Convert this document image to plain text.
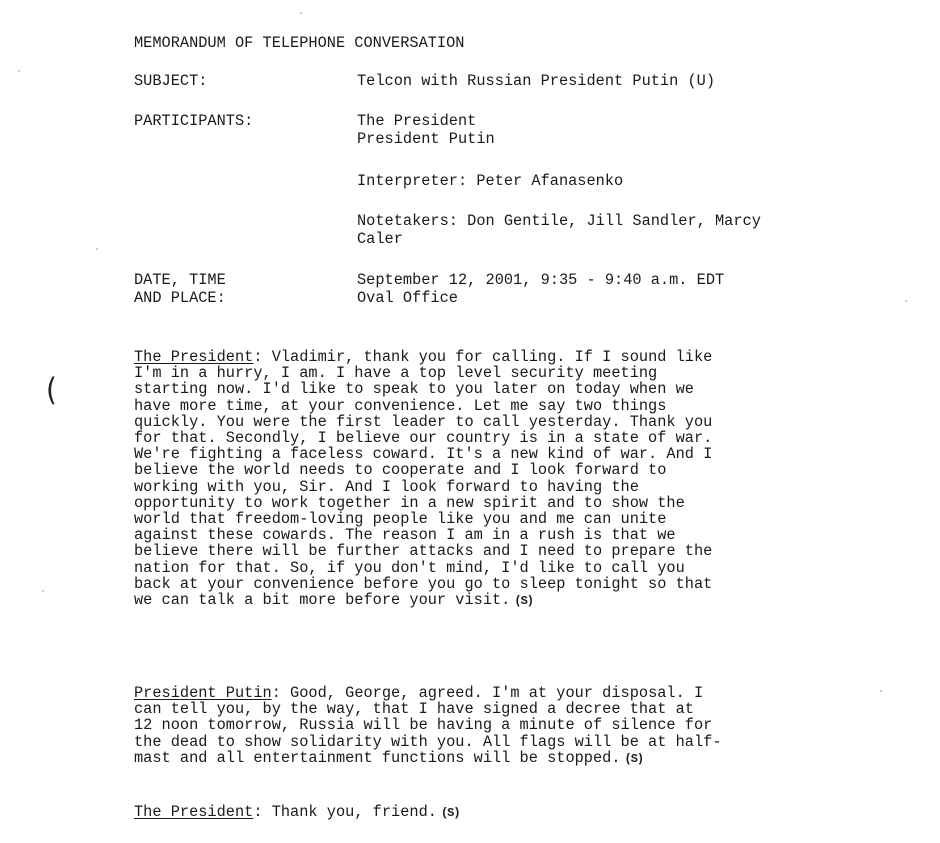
MEMORANDUM OF TELEPHONE CONVERSATION
SUBJECT:	Telcon with Russian President Putin (U)
PARTICIPANTS:	The President
President Putin
Interpreter: Peter Afanasenko
Notetakers: Don Gentile, Jill Sandler, Marcy
Caler
DATE, TIME
AND PLACE:
September 12, 2001, 9:35 - 9:40 a.m. EDT
Oval Office
(
The President: Vladimir, thank you for calling. If I sound like
I'm in a hurry, I am. I have a top level security meeting
starting now. I'd like to speak to you later on today when we
have more time, at your convenience. Let me say two things
quickly. You were the first leader to call yesterday. Thank you
for that. Secondly, I believe our country is in a state of war.
We're fighting a faceless coward. It's a new kind of war. And I
believe the world needs to cooperate and I look forward to
working with you, Sir. And I look forward to having the
opportunity to work together in a new spirit and to show the
world that freedom-loving people like you and me can unite
against these cowards. The reason I am in a rush is that we
believe there will be further attacks and I need to prepare the
nation for that. So, if you don't mind, I'd like to call you
back at your convenience before you go to sleep tonight so that
we can talk a bit more before your visit. (S)
President Putin: Good, George, agreed. I'm at your disposal. I
can tell you, by the way, that I have signed a decree that at
12 noon tomorrow, Russia will be having a minute of silence for
the dead to show solidarity with you. All flags will be at half-
mast and all entertainment functions will be stopped. (S)
The President: Thank you, friend. (S)
